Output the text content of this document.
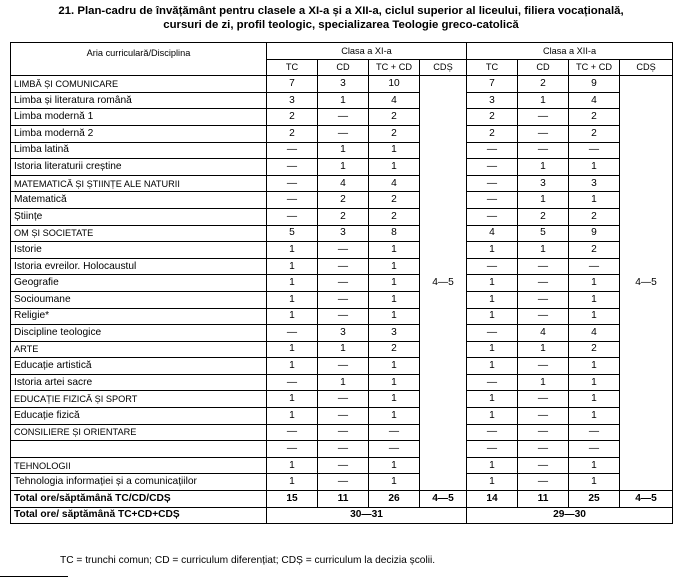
21. Plan-cadru de învățământ pentru clasele a XI-a și a XII-a, ciclul superior al liceului, filiera vocațională,
cursuri de zi, profil teologic, specializarea Teologie greco-catolică
Aria curriculară/Disciplina	Clasa a XI-a				Clasa a XII-a			
	TC	CD	TC + CD	CDȘ	TC	CD	TC + CD	CDȘ
LIMBĂ ȘI COMUNICARE	7	3	10	4—5	7	2	9	4—5
Limba și literatura română	3	1	4		3	1	4	
Limba modernă 1	2	—	2		2	—	2	
Limba modernă 2	2	—	2		2	—	2	
Limba latină	—	1	1		—	—	—	
Istoria literaturii creștine	—	1	1		—	1	1	
MATEMATICĂ ȘI ȘTIINȚE ALE NATURII	—	4	4		—	3	3	
Matematică	—	2	2		—	1	1	
Științe	—	2	2		—	2	2	
OM ȘI SOCIETATE	5	3	8		4	5	9	
Istorie	1	—	1		1	1	2	
Istoria evreilor. Holocaustul	1	—	1		—	—	—	
Geografie	1	—	1		1	—	1	
Socioumane	1	—	1		1	—	1	
Religie*	1	—	1		1	—	1	
Discipline teologice	—	3	3		—	4	4	
ARTE	1	1	2		1	1	2	
Educație artistică	1	—	1		1	—	1	
Istoria artei sacre	—	1	1		—	1	1	
EDUCAȚIE FIZICĂ ȘI SPORT	1	—	1		1	—	1	
Educație fizică	1	—	1		1	—	1	
CONSILIERE ȘI ORIENTARE	—	—	—		—	—	—	
	—	—	—		—	—	—	
TEHNOLOGII	1	—	1		1	—	1	
Tehnologia informației și a comunicațiilor	1	—	1		1	—	1	
Total ore/săptămână TC/CD/CDȘ	15	11	26	4—5	14	11	25	4—5
Total ore/ săptămână TC+CD+CDȘ	30—31				29—30			
TC = trunchi comun; CD = curriculum diferențiat; CDȘ = curriculum la decizia școlii.
